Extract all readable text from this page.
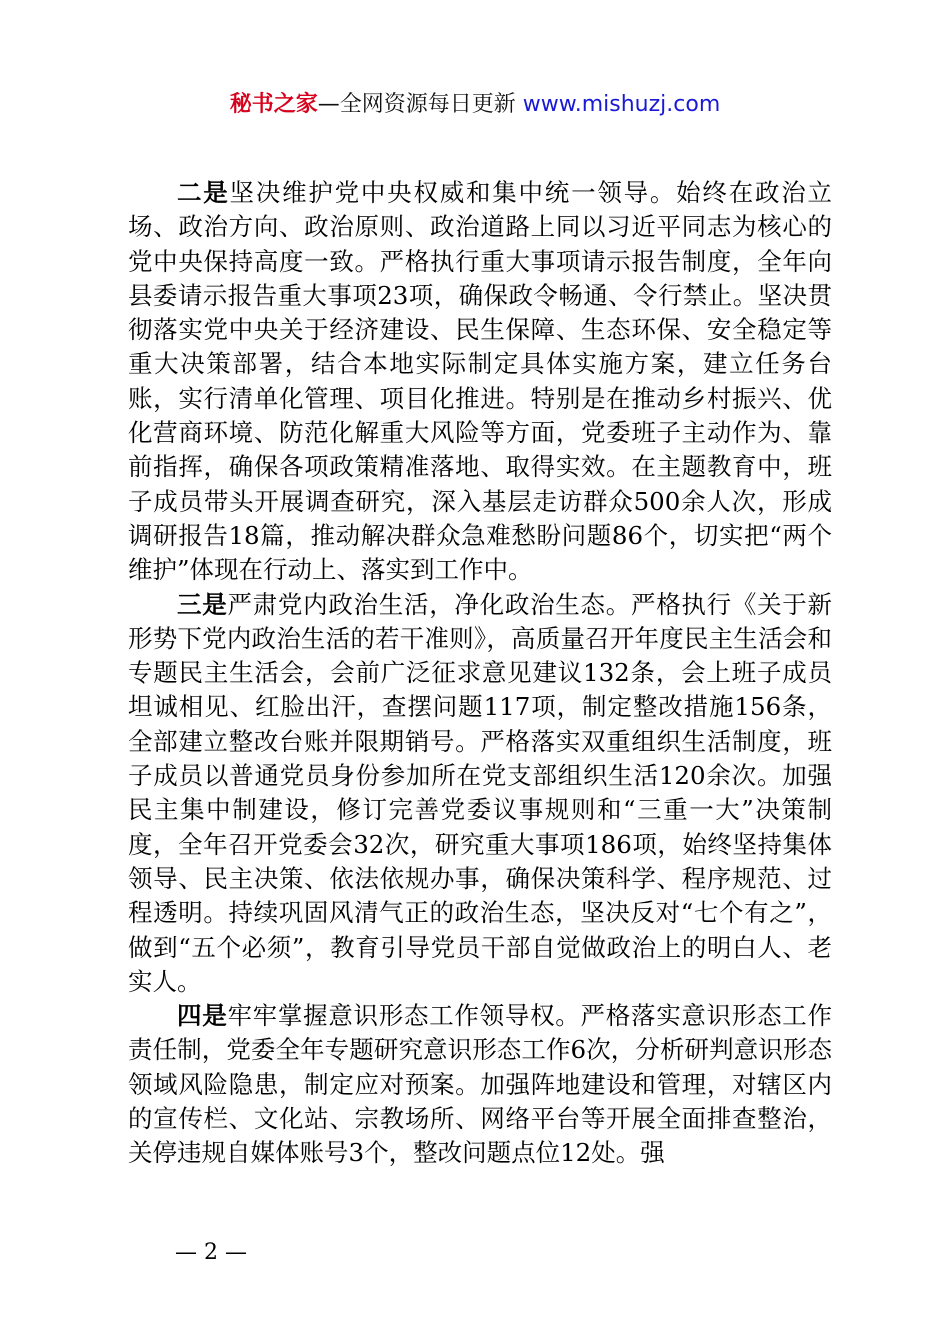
秘书之家—全网资源每日更新 www.mishuzj.com

二是坚决维护党中央权威和集中统一领导。始终在政治立场、政治方向、政治原则、政治道路上同以习近平同志为核心的党中央保持高度一致。严格执行重大事项请示报告制度，全年向县委请示报告重大事项23项，确保政令畅通、令行禁止。坚决贯彻落实党中央关于经济建设、民生保障、生态环保、安全稳定等重大决策部署，结合本地实际制定具体实施方案，建立任务台账，实行清单化管理、项目化推进。特别是在推动乡村振兴、优化营商环境、防范化解重大风险等方面，党委班子主动作为、靠前指挥，确保各项政策精准落地、取得实效。在主题教育中，班子成员带头开展调查研究，深入基层走访群众500余人次，形成调研报告18篇，推动解决群众急难愁盼问题86个，切实把“两个维护”体现在行动上、落实到工作中。

三是严肃党内政治生活，净化政治生态。严格执行《关于新形势下党内政治生活的若干准则》，高质量召开年度民主生活会和专题民主生活会，会前广泛征求意见建议132条，会上班子成员坦诚相见、红脸出汗，查摆问题117项，制定整改措施156条，全部建立整改台账并限期销号。严格落实双重组织生活制度，班子成员以普通党员身份参加所在党支部组织生活120余次。加强民主集中制建设，修订完善党委议事规则和“三重一大”决策制度，全年召开党委会32次，研究重大事项186项，始终坚持集体领导、民主决策、依法依规办事，确保决策科学、程序规范、过程透明。持续巩固风清气正的政治生态，坚决反对“七个有之”，做到“五个必须”，教育引导党员干部自觉做政治上的明白人、老实人。

四是牢牢掌握意识形态工作领导权。严格落实意识形态工作责任制，党委全年专题研究意识形态工作6次，分析研判意识形态领域风险隐患，制定应对预案。加强阵地建设和管理，对辖区内的宣传栏、文化站、宗教场所、网络平台等开展全面排查整治，关停违规自媒体账号3个，整改问题点位12处。强

— 2 —
